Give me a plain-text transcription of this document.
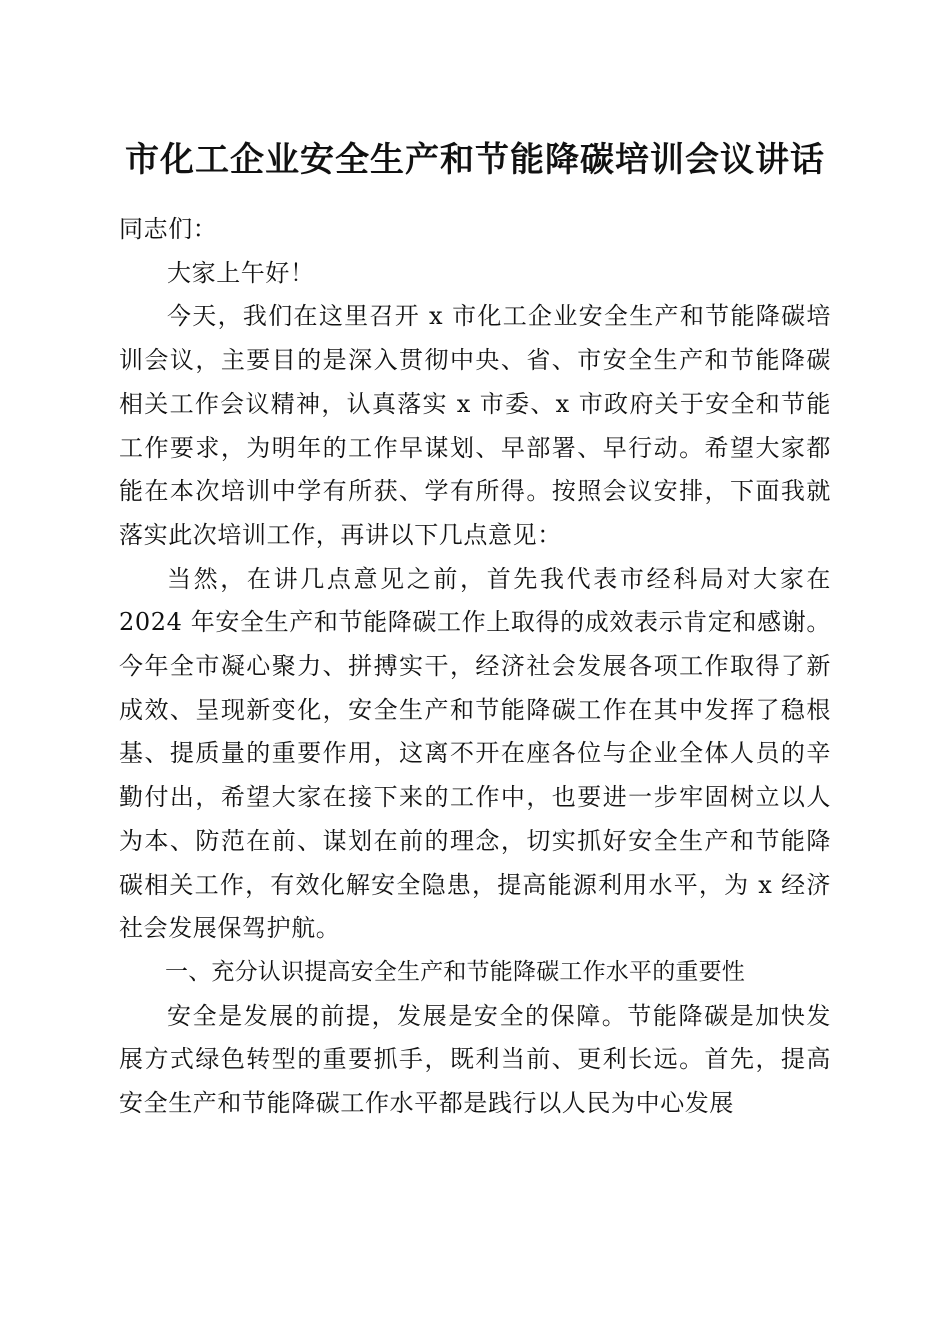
市化工企业安全生产和节能降碳培训会议讲话

同志们：

大家上午好！

今天，我们在这里召开 x 市化工企业安全生产和节能降碳培训会议，主要目的是深入贯彻中央、省、市安全生产和节能降碳相关工作会议精神，认真落实 x 市委、x 市政府关于安全和节能工作要求，为明年的工作早谋划、早部署、早行动。希望大家都能在本次培训中学有所获、学有所得。按照会议安排，下面我就落实此次培训工作，再讲以下几点意见：

当然，在讲几点意见之前，首先我代表市经科局对大家在 2024 年安全生产和节能降碳工作上取得的成效表示肯定和感谢。今年全市凝心聚力、拼搏实干，经济社会发展各项工作取得了新成效、呈现新变化，安全生产和节能降碳工作在其中发挥了稳根基、提质量的重要作用，这离不开在座各位与企业全体人员的辛勤付出，希望大家在接下来的工作中，也要进一步牢固树立以人为本、防范在前、谋划在前的理念，切实抓好安全生产和节能降碳相关工作，有效化解安全隐患，提高能源利用水平，为 x 经济社会发展保驾护航。

一、充分认识提高安全生产和节能降碳工作水平的重要性

安全是发展的前提，发展是安全的保障。节能降碳是加快发展方式绿色转型的重要抓手，既利当前、更利长远。首先，提高安全生产和节能降碳工作水平都是践行以人民为中心发展
